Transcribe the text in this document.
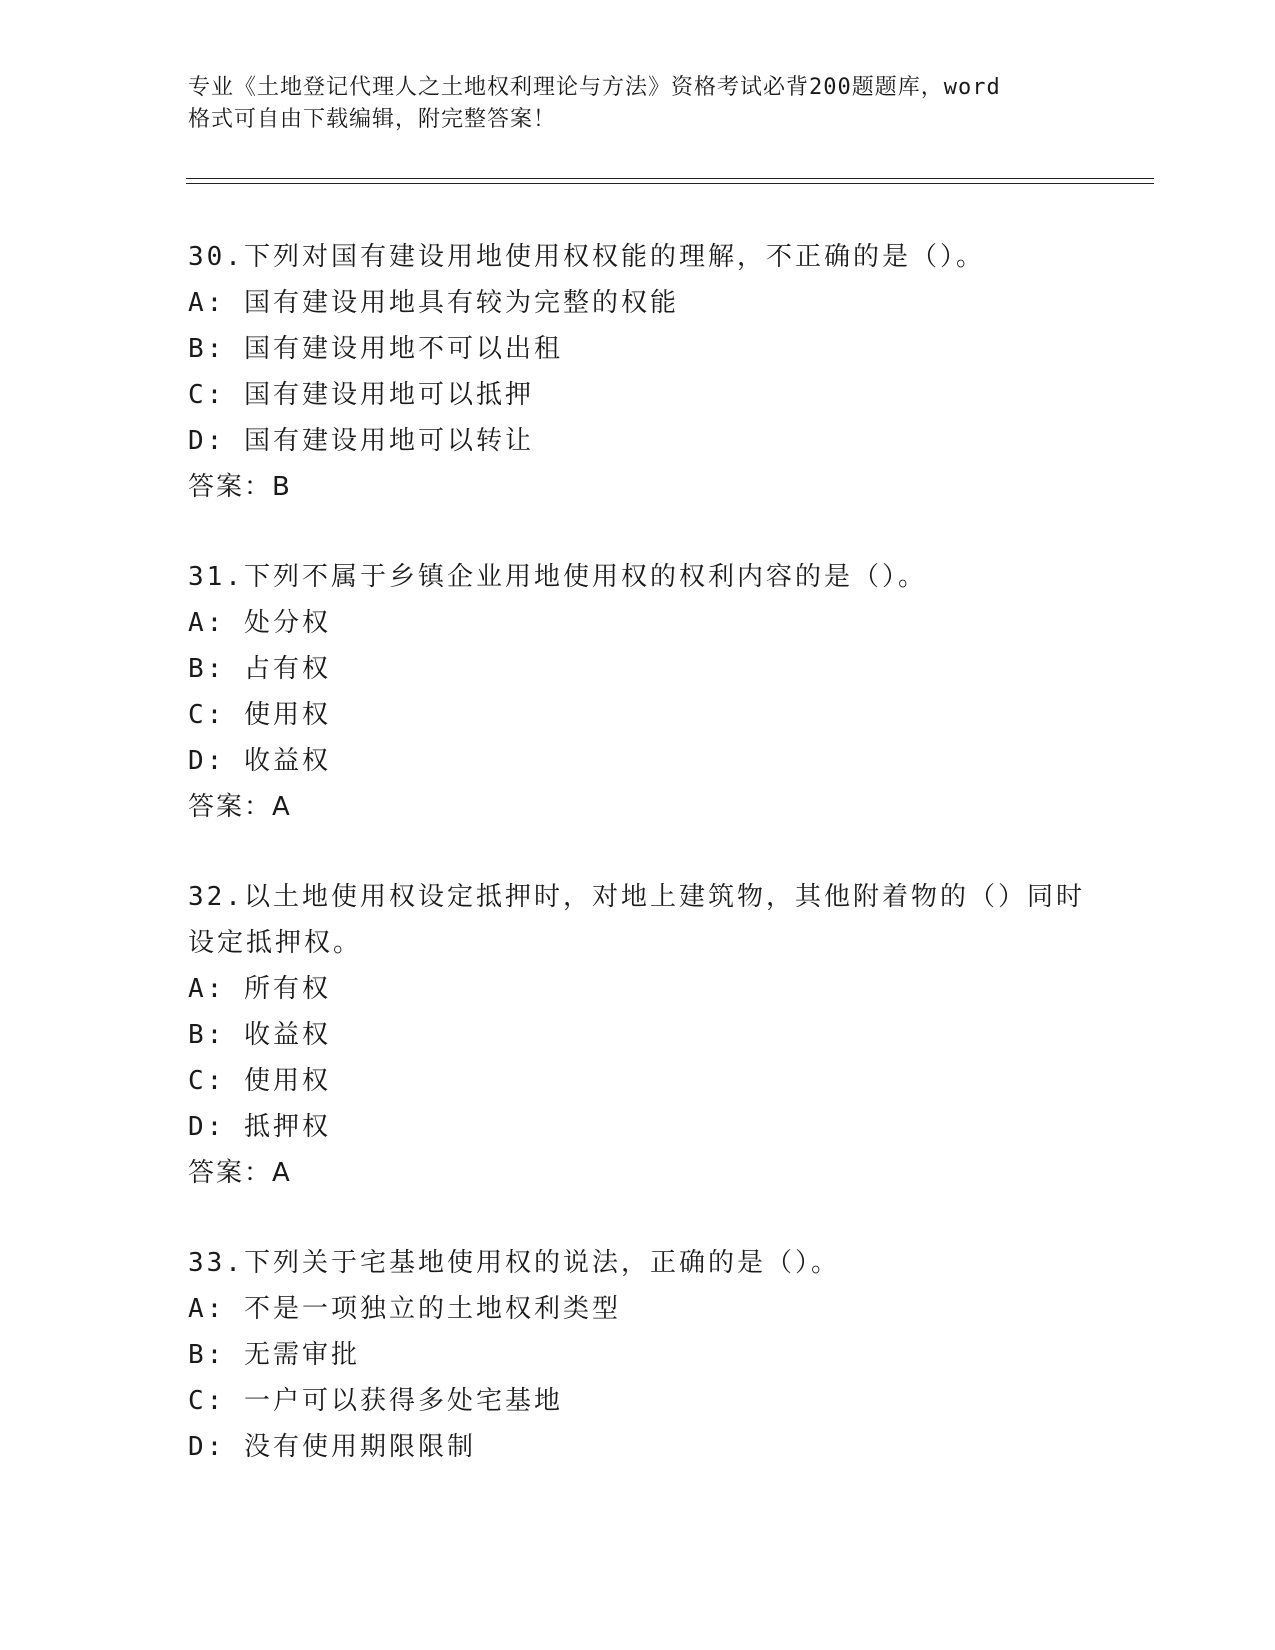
专业《土地登记代理人之土地权利理论与方法》资格考试必背200题题库，word
格式可自由下载编辑，附完整答案！
30.下列对国有建设用地使用权权能的理解，不正确的是（）。
A: 国有建设用地具有较为完整的权能
B: 国有建设用地不可以出租
C: 国有建设用地可以抵押
D: 国有建设用地可以转让
答案：B
31.下列不属于乡镇企业用地使用权的权利内容的是（）。
A: 处分权
B: 占有权
C: 使用权
D: 收益权
答案：A
32.以土地使用权设定抵押时，对地上建筑物，其他附着物的（）同时
设定抵押权。
A: 所有权
B: 收益权
C: 使用权
D: 抵押权
答案：A
33.下列关于宅基地使用权的说法，正确的是（）。
A: 不是一项独立的土地权利类型
B: 无需审批
C: 一户可以获得多处宅基地
D: 没有使用期限限制
